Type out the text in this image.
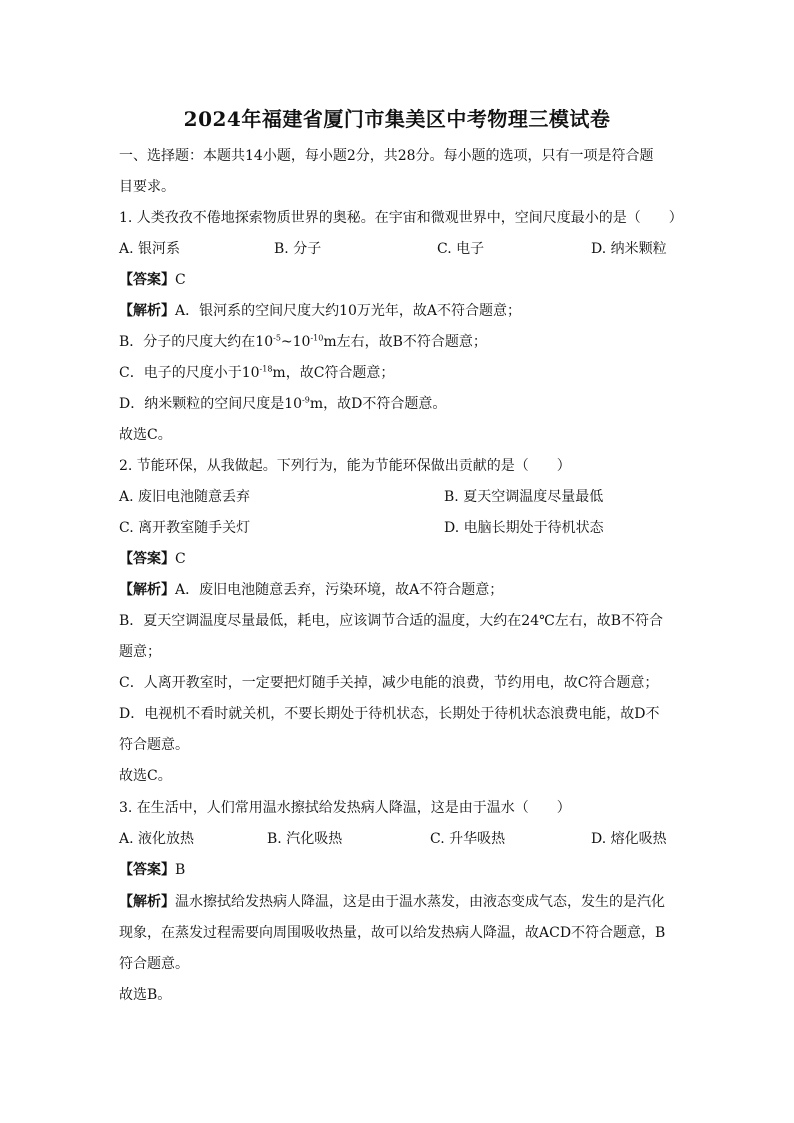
2024年福建省厦门市集美区中考物理三模试卷
一、选择题：本题共14小题，每小题2分，共28分。每小题的选项，只有一项是符合题
目要求。
1. 人类孜孜不倦地探索物质世界的奥秘。在宇宙和微观世界中，空间尺度最小的是（　　）
A. 银河系	B. 分子	C. 电子	D. 纳米颗粒
【答案】C
【解析】A．银河系的空间尺度大约10万光年，故A不符合题意；
B．分子的尺度大约在$10^{-5}\sim 10^{-10}m$左右，故B不符合题意；
C．电子的尺度小于$10^{-18}m$，故C符合题意；
D．纳米颗粒的空间尺度是$10^{-9}m$，故D不符合题意。
故选C。
2. 节能环保，从我做起。下列行为，能为节能环保做出贡献的是（　　）
A. 废旧电池随意丢弃	B. 夏天空调温度尽量最低
C. 离开教室随手关灯	D. 电脑长期处于待机状态
【答案】C
【解析】A．废旧电池随意丢弃，污染环境，故A不符合题意；
B．夏天空调温度尽量最低，耗电，应该调节合适的温度，大约在24℃左右，故B不符合
题意；
C．人离开教室时，一定要把灯随手关掉，减少电能的浪费，节约用电，故C符合题意；
D．电视机不看时就关机，不要长期处于待机状态，长期处于待机状态浪费电能，故D不
符合题意。
故选C。
3. 在生活中，人们常用温水擦拭给发热病人降温，这是由于温水（　　）
A. 液化放热	B. 汽化吸热	C. 升华吸热	D. 熔化吸热
【答案】B
【解析】温水擦拭给发热病人降温，这是由于温水蒸发，由液态变成气态，发生的是汽化
现象，在蒸发过程需要向周围吸收热量，故可以给发热病人降温，故ACD不符合题意，B
符合题意。
故选B。
